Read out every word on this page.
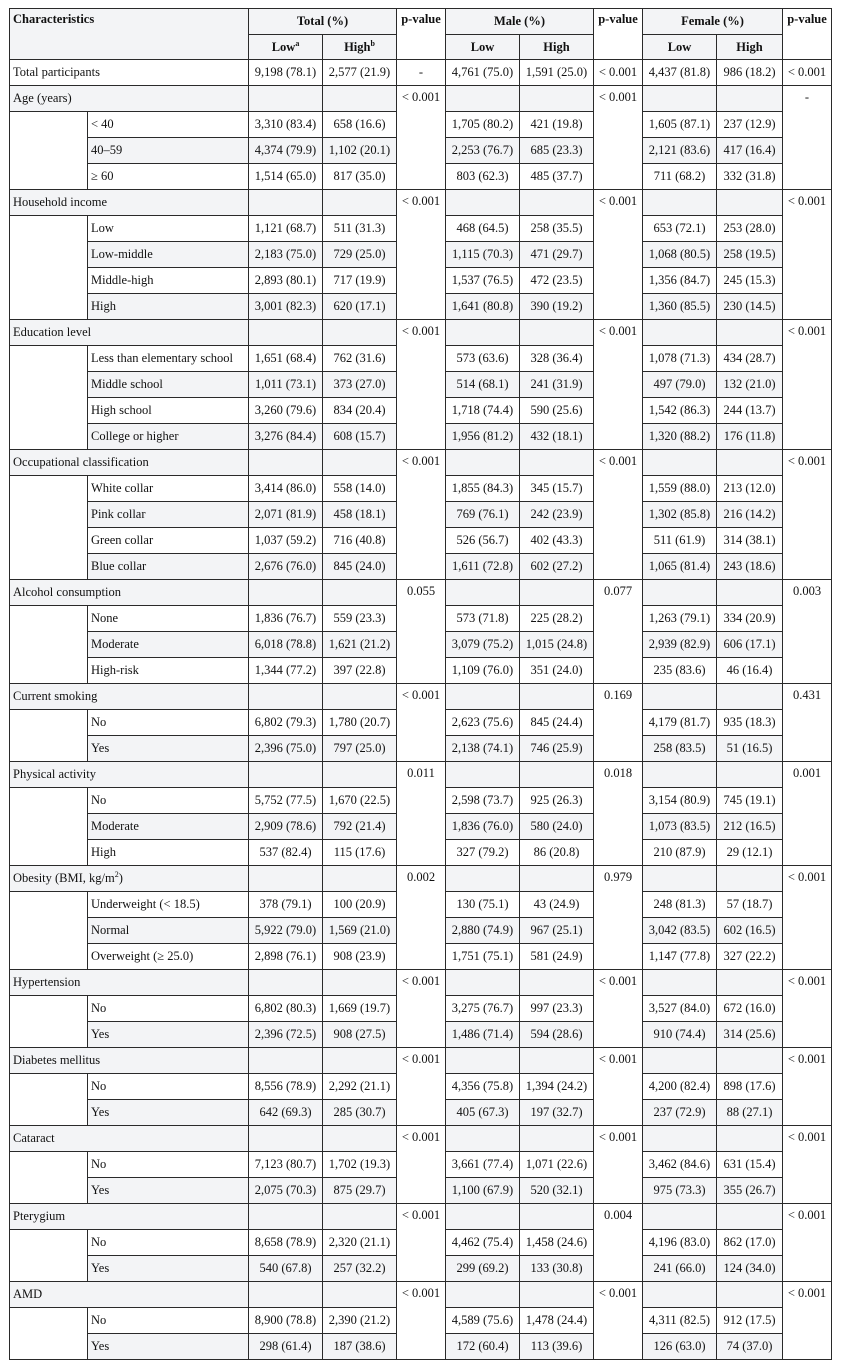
Characteristics		Total (%)		p-value	Male (%)		p-value	Female (%)		p-value
		Low$^a$	High$^b$		Low	High		Low	High	
Total participants		9,198 (78.1)	2,577 (21.9)	-	4,761 (75.0)	1,591 (25.0)	< 0.001	4,437 (81.8)	986 (18.2)	< 0.001
Age (years)				< 0.001			< 0.001			-
	< 40	3,310 (83.4)	658 (16.6)		1,705 (80.2)	421 (19.8)		1,605 (87.1)	237 (12.9)	
	40–59	4,374 (79.9)	1,102 (20.1)		2,253 (76.7)	685 (23.3)		2,121 (83.6)	417 (16.4)	
	≥ 60	1,514 (65.0)	817 (35.0)		803 (62.3)	485 (37.7)		711 (68.2)	332 (31.8)	
Household income				< 0.001			< 0.001			< 0.001
	Low	1,121 (68.7)	511 (31.3)		468 (64.5)	258 (35.5)		653 (72.1)	253 (28.0)	
	Low-middle	2,183 (75.0)	729 (25.0)		1,115 (70.3)	471 (29.7)		1,068 (80.5)	258 (19.5)	
	Middle-high	2,893 (80.1)	717 (19.9)		1,537 (76.5)	472 (23.5)		1,356 (84.7)	245 (15.3)	
	High	3,001 (82.3)	620 (17.1)		1,641 (80.8)	390 (19.2)		1,360 (85.5)	230 (14.5)	
Education level				< 0.001			< 0.001			< 0.001
	Less than elementary school	1,651 (68.4)	762 (31.6)		573 (63.6)	328 (36.4)		1,078 (71.3)	434 (28.7)	
	Middle school	1,011 (73.1)	373 (27.0)		514 (68.1)	241 (31.9)		497 (79.0)	132 (21.0)	
	High school	3,260 (79.6)	834 (20.4)		1,718 (74.4)	590 (25.6)		1,542 (86.3)	244 (13.7)	
	College or higher	3,276 (84.4)	608 (15.7)		1,956 (81.2)	432 (18.1)		1,320 (88.2)	176 (11.8)	
Occupational classification				< 0.001			< 0.001			< 0.001
	White collar	3,414 (86.0)	558 (14.0)		1,855 (84.3)	345 (15.7)		1,559 (88.0)	213 (12.0)	
	Pink collar	2,071 (81.9)	458 (18.1)		769 (76.1)	242 (23.9)		1,302 (85.8)	216 (14.2)	
	Green collar	1,037 (59.2)	716 (40.8)		526 (56.7)	402 (43.3)		511 (61.9)	314 (38.1)	
	Blue collar	2,676 (76.0)	845 (24.0)		1,611 (72.8)	602 (27.2)		1,065 (81.4)	243 (18.6)	
Alcohol consumption				0.055			0.077			0.003
	None	1,836 (76.7)	559 (23.3)		573 (71.8)	225 (28.2)		1,263 (79.1)	334 (20.9)	
	Moderate	6,018 (78.8)	1,621 (21.2)		3,079 (75.2)	1,015 (24.8)		2,939 (82.9)	606 (17.1)	
	High-risk	1,344 (77.2)	397 (22.8)		1,109 (76.0)	351 (24.0)		235 (83.6)	46 (16.4)	
Current smoking				< 0.001			0.169			0.431
	No	6,802 (79.3)	1,780 (20.7)		2,623 (75.6)	845 (24.4)		4,179 (81.7)	935 (18.3)	
	Yes	2,396 (75.0)	797 (25.0)		2,138 (74.1)	746 (25.9)		258 (83.5)	51 (16.5)	
Physical activity				0.011			0.018			0.001
	No	5,752 (77.5)	1,670 (22.5)		2,598 (73.7)	925 (26.3)		3,154 (80.9)	745 (19.1)	
	Moderate	2,909 (78.6)	792 (21.4)		1,836 (76.0)	580 (24.0)		1,073 (83.5)	212 (16.5)	
	High	537 (82.4)	115 (17.6)		327 (79.2)	86 (20.8)		210 (87.9)	29 (12.1)	
Obesity (BMI, $kg/m^2$)				0.002			0.979			< 0.001
	Underweight (< 18.5)	378 (79.1)	100 (20.9)		130 (75.1)	43 (24.9)		248 (81.3)	57 (18.7)	
	Normal	5,922 (79.0)	1,569 (21.0)		2,880 (74.9)	967 (25.1)		3,042 (83.5)	602 (16.5)	
	Overweight (≥ 25.0)	2,898 (76.1)	908 (23.9)		1,751 (75.1)	581 (24.9)		1,147 (77.8)	327 (22.2)	
Hypertension				< 0.001			< 0.001			< 0.001
	No	6,802 (80.3)	1,669 (19.7)		3,275 (76.7)	997 (23.3)		3,527 (84.0)	672 (16.0)	
	Yes	2,396 (72.5)	908 (27.5)		1,486 (71.4)	594 (28.6)		910 (74.4)	314 (25.6)	
Diabetes mellitus				< 0.001			< 0.001			< 0.001
	No	8,556 (78.9)	2,292 (21.1)		4,356 (75.8)	1,394 (24.2)		4,200 (82.4)	898 (17.6)	
	Yes	642 (69.3)	285 (30.7)		405 (67.3)	197 (32.7)		237 (72.9)	88 (27.1)	
Cataract				< 0.001			< 0.001			< 0.001
	No	7,123 (80.7)	1,702 (19.3)		3,661 (77.4)	1,071 (22.6)		3,462 (84.6)	631 (15.4)	
	Yes	2,075 (70.3)	875 (29.7)		1,100 (67.9)	520 (32.1)		975 (73.3)	355 (26.7)	
Pterygium				< 0.001			0.004			< 0.001
	No	8,658 (78.9)	2,320 (21.1)		4,462 (75.4)	1,458 (24.6)		4,196 (83.0)	862 (17.0)	
	Yes	540 (67.8)	257 (32.2)		299 (69.2)	133 (30.8)		241 (66.0)	124 (34.0)	
AMD				< 0.001			< 0.001			< 0.001
	No	8,900 (78.8)	2,390 (21.2)		4,589 (75.6)	1,478 (24.4)		4,311 (82.5)	912 (17.5)	
	Yes	298 (61.4)	187 (38.6)		172 (60.4)	113 (39.6)		126 (63.0)	74 (37.0)	
